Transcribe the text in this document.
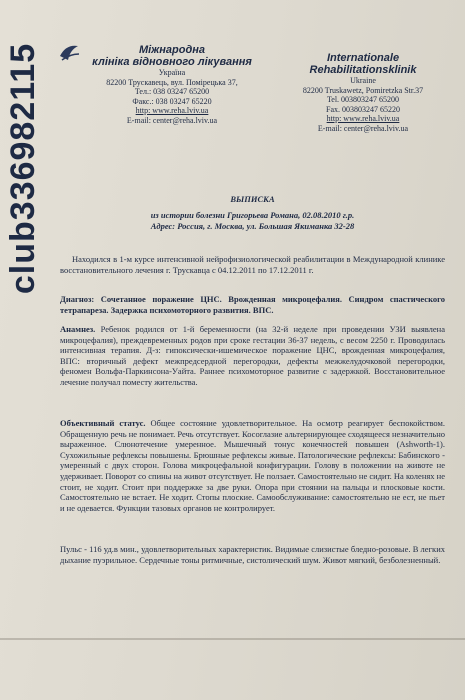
club336982115	Міжнародна
клініка відновного лікування
Україна
82200 Трускавець, вул. Помірецька 37,
Тел.: 038 03247 65200
Факс.: 038 03247 65220
http: www.reha.lviv.ua
E-mail: center@reha.lviv.ua
Internationale
Rehabilitationsklinik
Ukraine
82200 Truskawetz, Pomiretzka Str.37
Tel. 003803247 65200
Fax. 003803247 65220
http: www.reha.lviv.ua
E-mail: center@reha.lviv.ua
ВЫПИСКА
из истории болезни Григорьева Романа, 02.08.2010 г.р.
Адрес: Россия, г. Москва, ул. Большая Якиманка 32-28
Находился в 1-м курсе интенсивной нейрофизиологической реабилитации в Международной клинике восстановительного лечения г. Трускавца с 04.12.2011 по 17.12.2011 г.
Диагноз: Сочетанное поражение ЦНС. Врожденная микроцефалия. Синдром спастического тетрапареза. Задержка психомоторного развития. ВПС.
Анамнез. Ребенок родился от 1-й беременности (на 32-й неделе при проведении УЗИ выявлена микроцефалия), преждевременных родов при сроке гестации 36-37 недель, с весом 2250 г. Проводилась интенсивная терапия. Д-з: гипоксически-ишемическое поражение ЦНС, врожденная микроцефалия, ВПС: вторичный дефект межпредсердной перегородки, дефекты межжелудочковой перегородки, феномен Вольфа-Паркинсона-Уайта. Раннее психомоторное развитие с задержкой. Восстановительное лечение получал поместу жительства.
Объективный статус. Общее состояние удовлетворительное. На осмотр реагирует беспокойством. Обращенную речь не понимает. Речь отсутствует. Косоглазие альтернирующее сходящееся незначительно выраженное. Слюнотечение умеренное. Мышечный тонус конечностей повышен (Ashworth-1). Сухожильные рефлексы повышены. Брюшные рефлексы живые. Патологические рефлексы: Бабинского - умеренный с двух сторон. Голова микроцефальной конфигурации. Голову в положении на животе не удерживает. Поворот со спины на живот отсутствует. Не ползает. Самостоятельно не сидит. На коленях не стоит, не ходит. Стоит при поддержке за две руки. Опора при стоянии на пальцы и плосковые кости. Самостоятельно не встает. Не ходит. Стопы плоские. Самообслуживание: самостоятельно не ест, не пьет и не одевается. Функции тазовых органов не контролирует.
Пульс - 116 уд.в мин., удовлетворительных характеристик. Видимые слизистые бледно-розовые. В легких дыхание пуэрильное. Сердечные тоны ритмичные, систолический шум. Живот мягкий, безболезненный.
